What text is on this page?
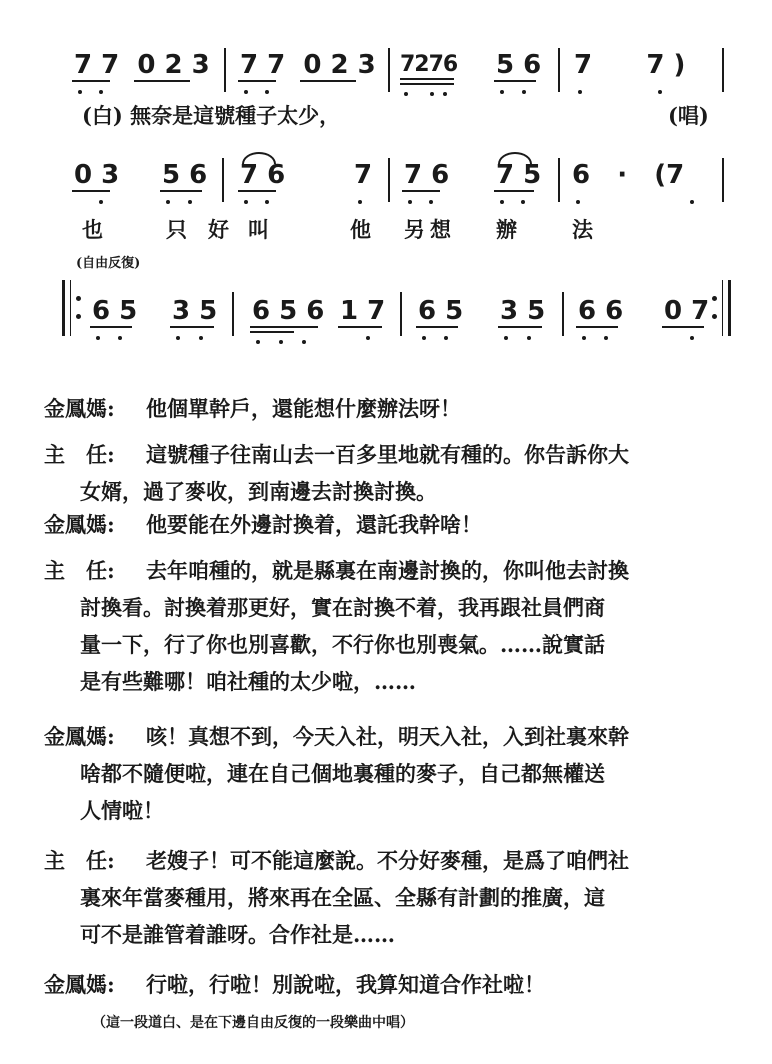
7 7  0 2 3 7 7  0 2 3 7276 5 6 7      7 )
(白) 無奈是這號種子太少，	(唱)
0 3 5 6 7 6	7 7 6 7 5 6   ·   (7
也	只 好 叫	他 另 想 辦	法
(自由反復)
6 5 3 5 6 5 6 1 7 6 5 3 5 6 6 0 7
金鳳媽: 他個單幹戶，還能想什麼辦法呀！
主　任: 這號種子往南山去一百多里地就有種的。你告訴你大
女婿，過了麥收，到南邊去討換討換。
金鳳媽: 他要能在外邊討換着，還託我幹啥！
主　任: 去年咱種的，就是縣裏在南邊討換的，你叫他去討換
討換看。討換着那更好，實在討換不着，我再跟社員們商
量一下，行了你也別喜歡，不行你也別喪氣。……說實話
是有些難哪！咱社種的太少啦，……
金鳳媽: 咳！真想不到，今天入社，明天入社，入到社裏來幹
啥都不隨便啦，連在自己個地裏種的麥子，自己都無權送
人情啦！
主　任: 老嫂子！可不能這麼說。不分好麥種，是爲了咱們社
裏來年當麥種用，將來再在全區、全縣有計劃的推廣，這
可不是誰管着誰呀。合作社是……
金鳳媽: 行啦，行啦！別說啦，我算知道合作社啦！
（這一段道白、是在下邊自由反復的一段樂曲中唱）
